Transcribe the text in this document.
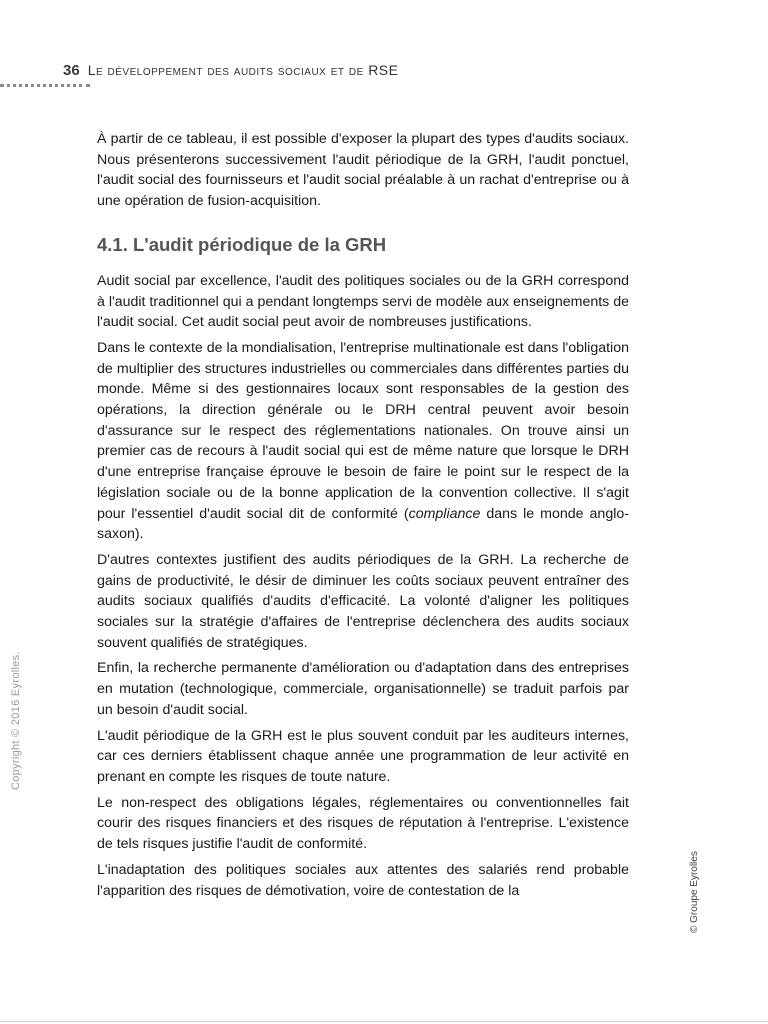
36 Le développement des audits sociaux et de RSE

À partir de ce tableau, il est possible d'exposer la plupart des types d'audits sociaux. Nous présenterons successivement l'audit périodique de la GRH, l'audit ponctuel, l'audit social des fournisseurs et l'audit social préalable à un rachat d'entreprise ou à une opération de fusion-acquisition.

4.1. L'audit périodique de la GRH

Audit social par excellence, l'audit des politiques sociales ou de la GRH correspond à l'audit traditionnel qui a pendant longtemps servi de modèle aux enseignements de l'audit social. Cet audit social peut avoir de nombreuses justifications.

Dans le contexte de la mondialisation, l'entreprise multinationale est dans l'obligation de multiplier des structures industrielles ou commerciales dans différentes parties du monde. Même si des gestionnaires locaux sont responsables de la gestion des opérations, la direction générale ou le DRH central peuvent avoir besoin d'assurance sur le respect des réglementations nationales. On trouve ainsi un premier cas de recours à l'audit social qui est de même nature que lorsque le DRH d'une entreprise française éprouve le besoin de faire le point sur le respect de la législation sociale ou de la bonne application de la convention collective. Il s'agit pour l'essentiel d'audit social dit de conformité (compliance dans le monde anglo-saxon).

D'autres contextes justifient des audits périodiques de la GRH. La recherche de gains de productivité, le désir de diminuer les coûts sociaux peuvent entraîner des audits sociaux qualifiés d'audits d'efficacité. La volonté d'aligner les politiques sociales sur la stratégie d'affaires de l'entreprise déclenchera des audits sociaux souvent qualifiés de stratégiques.

Enfin, la recherche permanente d'amélioration ou d'adaptation dans des entreprises en mutation (technologique, commerciale, organisationnelle) se traduit parfois par un besoin d'audit social.

L'audit périodique de la GRH est le plus souvent conduit par les auditeurs internes, car ces derniers établissent chaque année une programmation de leur activité en prenant en compte les risques de toute nature.

Le non-respect des obligations légales, réglementaires ou conventionnelles fait courir des risques financiers et des risques de réputation à l'entreprise. L'existence de tels risques justifie l'audit de conformité.

L'inadaptation des politiques sociales aux attentes des salariés rend probable l'apparition des risques de démotivation, voire de contestation de la

Copyright © 2016 Eyrolles.
© Groupe Eyrolles
